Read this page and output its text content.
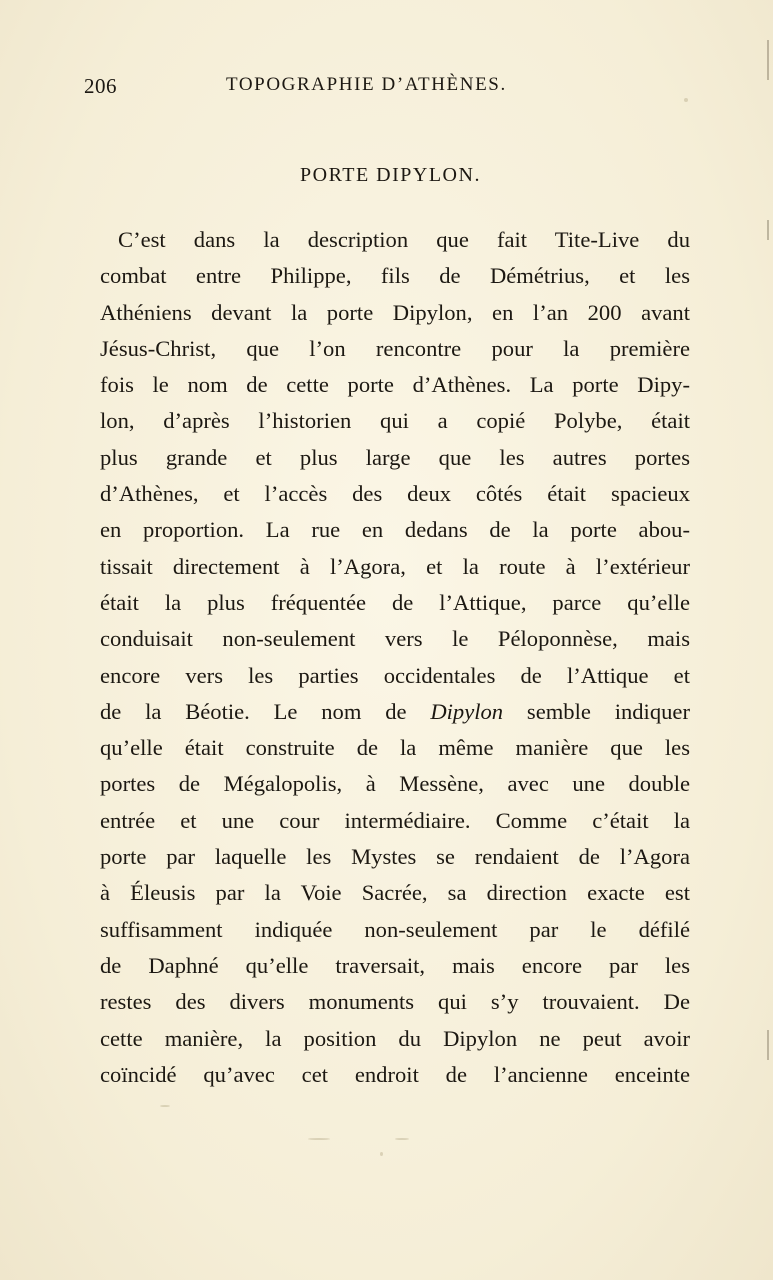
206	TOPOGRAPHIE D’ATHÈNES.
PORTE DIPYLON.
C’est dans la description que fait Tite-Live du
combat entre Philippe, fils de Démétrius, et les
Athéniens devant la porte Dipylon, en l’an 200 avant
Jésus-Christ, que l’on rencontre pour la première
fois le nom de cette porte d’Athènes. La porte Dipy-
lon, d’après l’historien qui a copié Polybe, était
plus grande et plus large que les autres portes
d’Athènes, et l’accès des deux côtés était spacieux
en proportion. La rue en dedans de la porte abou-
tissait directement à l’Agora, et la route à l’extérieur
était la plus fréquentée de l’Attique, parce qu’elle
conduisait non-seulement vers le Péloponnèse, mais
encore vers les parties occidentales de l’Attique et
de la Béotie. Le nom de Dipylon semble indiquer
qu’elle était construite de la même manière que les
portes de Mégalopolis, à Messène, avec une double
entrée et une cour intermédiaire. Comme c’était la
porte par laquelle les Mystes se rendaient de l’Agora
à Éleusis par la Voie Sacrée, sa direction exacte est
suffisamment indiquée non-seulement par le défilé
de Daphné qu’elle traversait, mais encore par les
restes des divers monuments qui s’y trouvaient. De
cette manière, la position du Dipylon ne peut avoir
coïncidé qu’avec cet endroit de l’ancienne enceinte
